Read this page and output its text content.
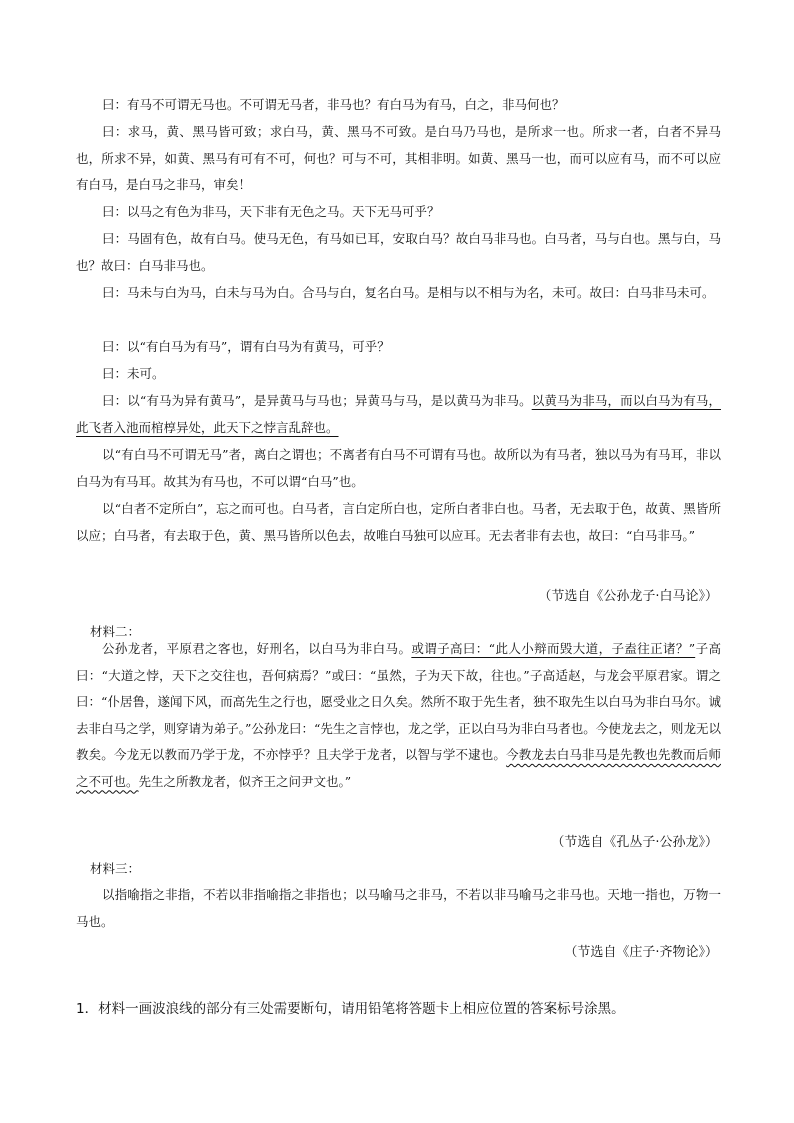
曰：有马不可谓无马也。不可谓无马者，非马也？有白马为有马，白之，非马何也？
曰：求马，黄、黑马皆可致；求白马，黄、黑马不可致。是白马乃马也，是所求一也。所求一者，白者不异马也，所求不异，如黄、黑马有可有不可，何也？可与不可，其相非明。如黄、黑马一也，而可以应有马，而不可以应有白马，是白马之非马，审矣！
曰：以马之有色为非马，天下非有无色之马。天下无马可乎？
曰：马固有色，故有白马。使马无色，有马如已耳，安取白马？故白马非马也。白马者，马与白也。黑与白，马也？故曰：白马非马也。
曰：马未与白为马，白未与马为白。合马与白，复名白马。是相与以不相与为名，未可。故曰：白马非马未可。
曰：以“有白马为有马”，谓有白马为有黄马，可乎？
曰：未可。
曰：以“有马为异有黄马”，是异黄马与马也；异黄马与马，是以黄马为非马。以黄马为非马，而以白马为有马，此飞者入池而棺椁异处，此天下之悖言乱辞也。
以“有白马不可谓无马”者，离白之谓也；不离者有白马不可谓有马也。故所以为有马者，独以马为有马耳，非以白马为有马耳。故其为有马也，不可以谓“白马”也。
以“白者不定所白”，忘之而可也。白马者，言白定所白也，定所白者非白也。马者，无去取于色，故黄、黑皆所以应；白马者，有去取于色，黄、黑马皆所以色去，故唯白马独可以应耳。无去者非有去也，故曰：“白马非马。”
（节选自《公孙龙子·白马论》）
材料二：
公孙龙者，平原君之客也，好刑名，以白马为非白马。或谓子高曰：“此人小辩而毁大道，子盍往正诸？”子高曰：“大道之悖，天下之交往也，吾何病焉？”或曰：“虽然，子为天下故，往也。”子高适赵，与龙会平原君家。谓之曰：“仆居鲁，遂闻下风，而高先生之行也，愿受业之日久矣。然所不取于先生者，独不取先生以白马为非白马尔。诚去非白马之学，则穿请为弟子。”公孙龙曰：“先生之言悖也，龙之学，正以白马为非白马者也。今使龙去之，则龙无以教矣。今龙无以教而乃学于龙，不亦悖乎？且夫学于龙者，以智与学不逮也。今教龙去白马非马是先教也先教而后师之不可也。先生之所教龙者，似齐王之问尹文也。”
（节选自《孔丛子·公孙龙》）
材料三：
以指喻指之非指，不若以非指喻指之非指也；以马喻马之非马，不若以非马喻马之非马也。天地一指也，万物一马也。
（节选自《庄子·齐物论》）
1．材料一画波浪线的部分有三处需要断句，请用铅笔将答题卡上相应位置的答案标号涂黑。
